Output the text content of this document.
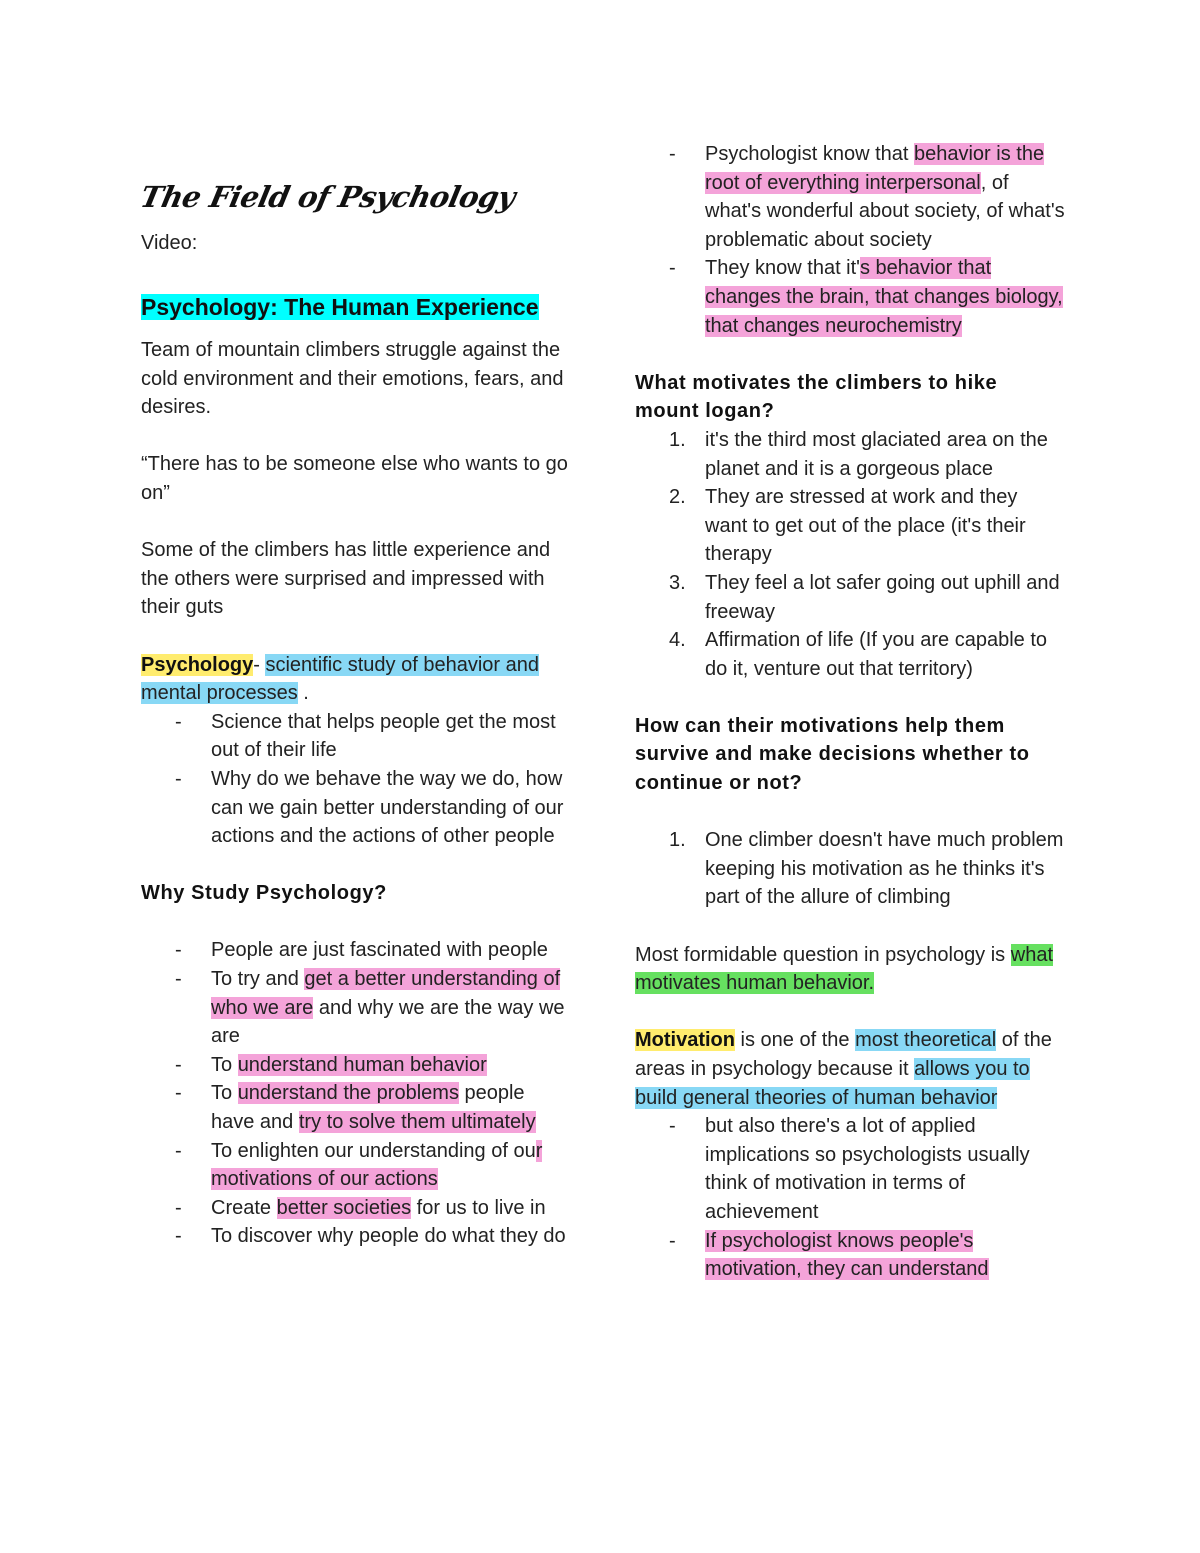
The Field of Psychology

Video:

Psychology: The Human Experience

Team of mountain climbers struggle against the cold environment and their emotions, fears, and desires.

“There has to be someone else who wants to go on”

Some of the climbers has little experience and the others were surprised and impressed with their guts

Psychology- scientific study of behavior and mental processes .

- Science that helps people get the most out of their life
- Why do we behave the way we do, how can we gain better understanding of our actions and the actions of other people

Why Study Psychology?

- People are just fascinated with people
- To try and get a better understanding of who we are and why we are the way we are
- To understand human behavior
- To understand the problems people have and try to solve them ultimately
- To enlighten our understanding of our motivations of our actions
- Create better societies for us to live in
- To discover why people do what they do
- Psychologist know that behavior is the root of everything interpersonal, of what's wonderful about society, of what's problematic about society
- They know that it's behavior that changes the brain, that changes biology, that changes neurochemistry

What motivates the climbers to hike mount logan?

1. it's the third most glaciated area on the planet and it is a gorgeous place
2. They are stressed at work and they want to get out of the place (it's their therapy
3. They feel a lot safer going out uphill and freeway
4. Affirmation of life (If you are capable to do it, venture out that territory)

How can their motivations help them survive and make decisions whether to continue or not?

1. One climber doesn't have much problem keeping his motivation as he thinks it's part of the allure of climbing

Most formidable question in psychology is what motivates human behavior.

Motivation is one of the most theoretical of the areas in psychology because it allows you to build general theories of human behavior

- but also there's a lot of applied implications so psychologists usually think of motivation in terms of achievement
- If psychologist knows people's motivation, they can understand
